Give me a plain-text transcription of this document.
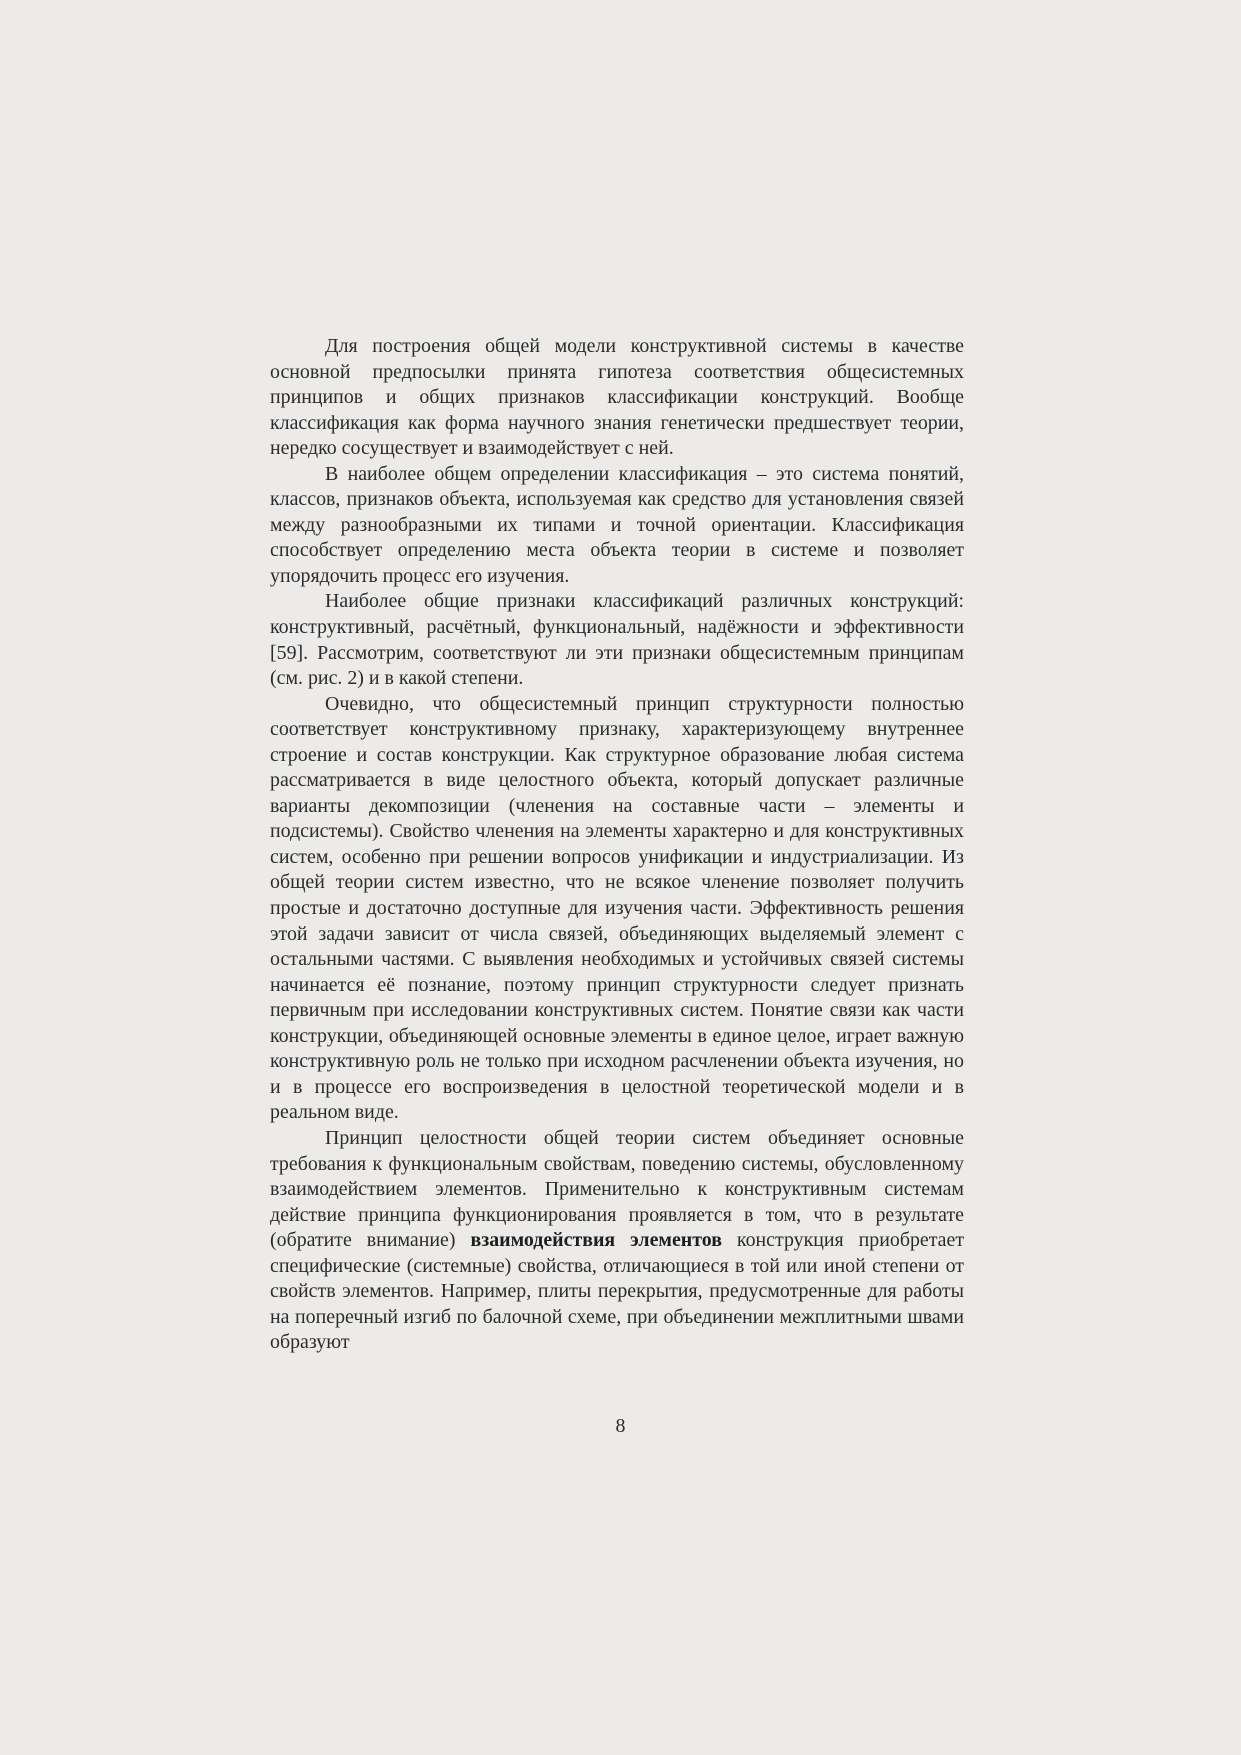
Для построения общей модели конструктивной системы в качестве основной предпосылки принята гипотеза соответствия общесистемных принципов и общих признаков классификации конструкций. Вообще классификация как форма научного знания генетически предшествует теории, нередко сосуществует и взаимодействует с ней.

В наиболее общем определении классификация – это система понятий, классов, признаков объекта, используемая как средство для установления связей между разнообразными их типами и точной ориентации. Классификация способствует определению места объекта теории в системе и позволяет упорядочить процесс его изучения.

Наиболее общие признаки классификаций различных конструкций: конструктивный, расчётный, функциональный, надёжности и эффективности [59]. Рассмотрим, соответствуют ли эти признаки общесистемным принципам (см. рис. 2) и в какой степени.

Очевидно, что общесистемный принцип структурности полностью соответствует конструктивному признаку, характеризующему внутреннее строение и состав конструкции. Как структурное образование любая система рассматривается в виде целостного объекта, который допускает различные варианты декомпозиции (членения на составные части – элементы и подсистемы). Свойство членения на элементы характерно и для конструктивных систем, особенно при решении вопросов унификации и индустриализации. Из общей теории систем известно, что не всякое членение позволяет получить простые и достаточно доступные для изучения части. Эффективность решения этой задачи зависит от числа связей, объединяющих выделяемый элемент с остальными частями. С выявления необходимых и устойчивых связей системы начинается её познание, поэтому принцип структурности следует признать первичным при исследовании конструктивных систем. Понятие связи как части конструкции, объединяющей основные элементы в единое целое, играет важную конструктивную роль не только при исходном расчленении объекта изучения, но и в процессе его воспроизведения в целостной теоретической модели и в реальном виде.

Принцип целостности общей теории систем объединяет основные требования к функциональным свойствам, поведению системы, обусловленному взаимодействием элементов. Применительно к конструктивным системам действие принципа функционирования проявляется в том, что в результате (обратите внимание) взаимодействия элементов конструкция приобретает специфические (системные) свойства, отличающиеся в той или иной степени от свойств элементов. Например, плиты перекрытия, предусмотренные для работы на поперечный изгиб по балочной схеме, при объединении межплитными швами образуют

8
